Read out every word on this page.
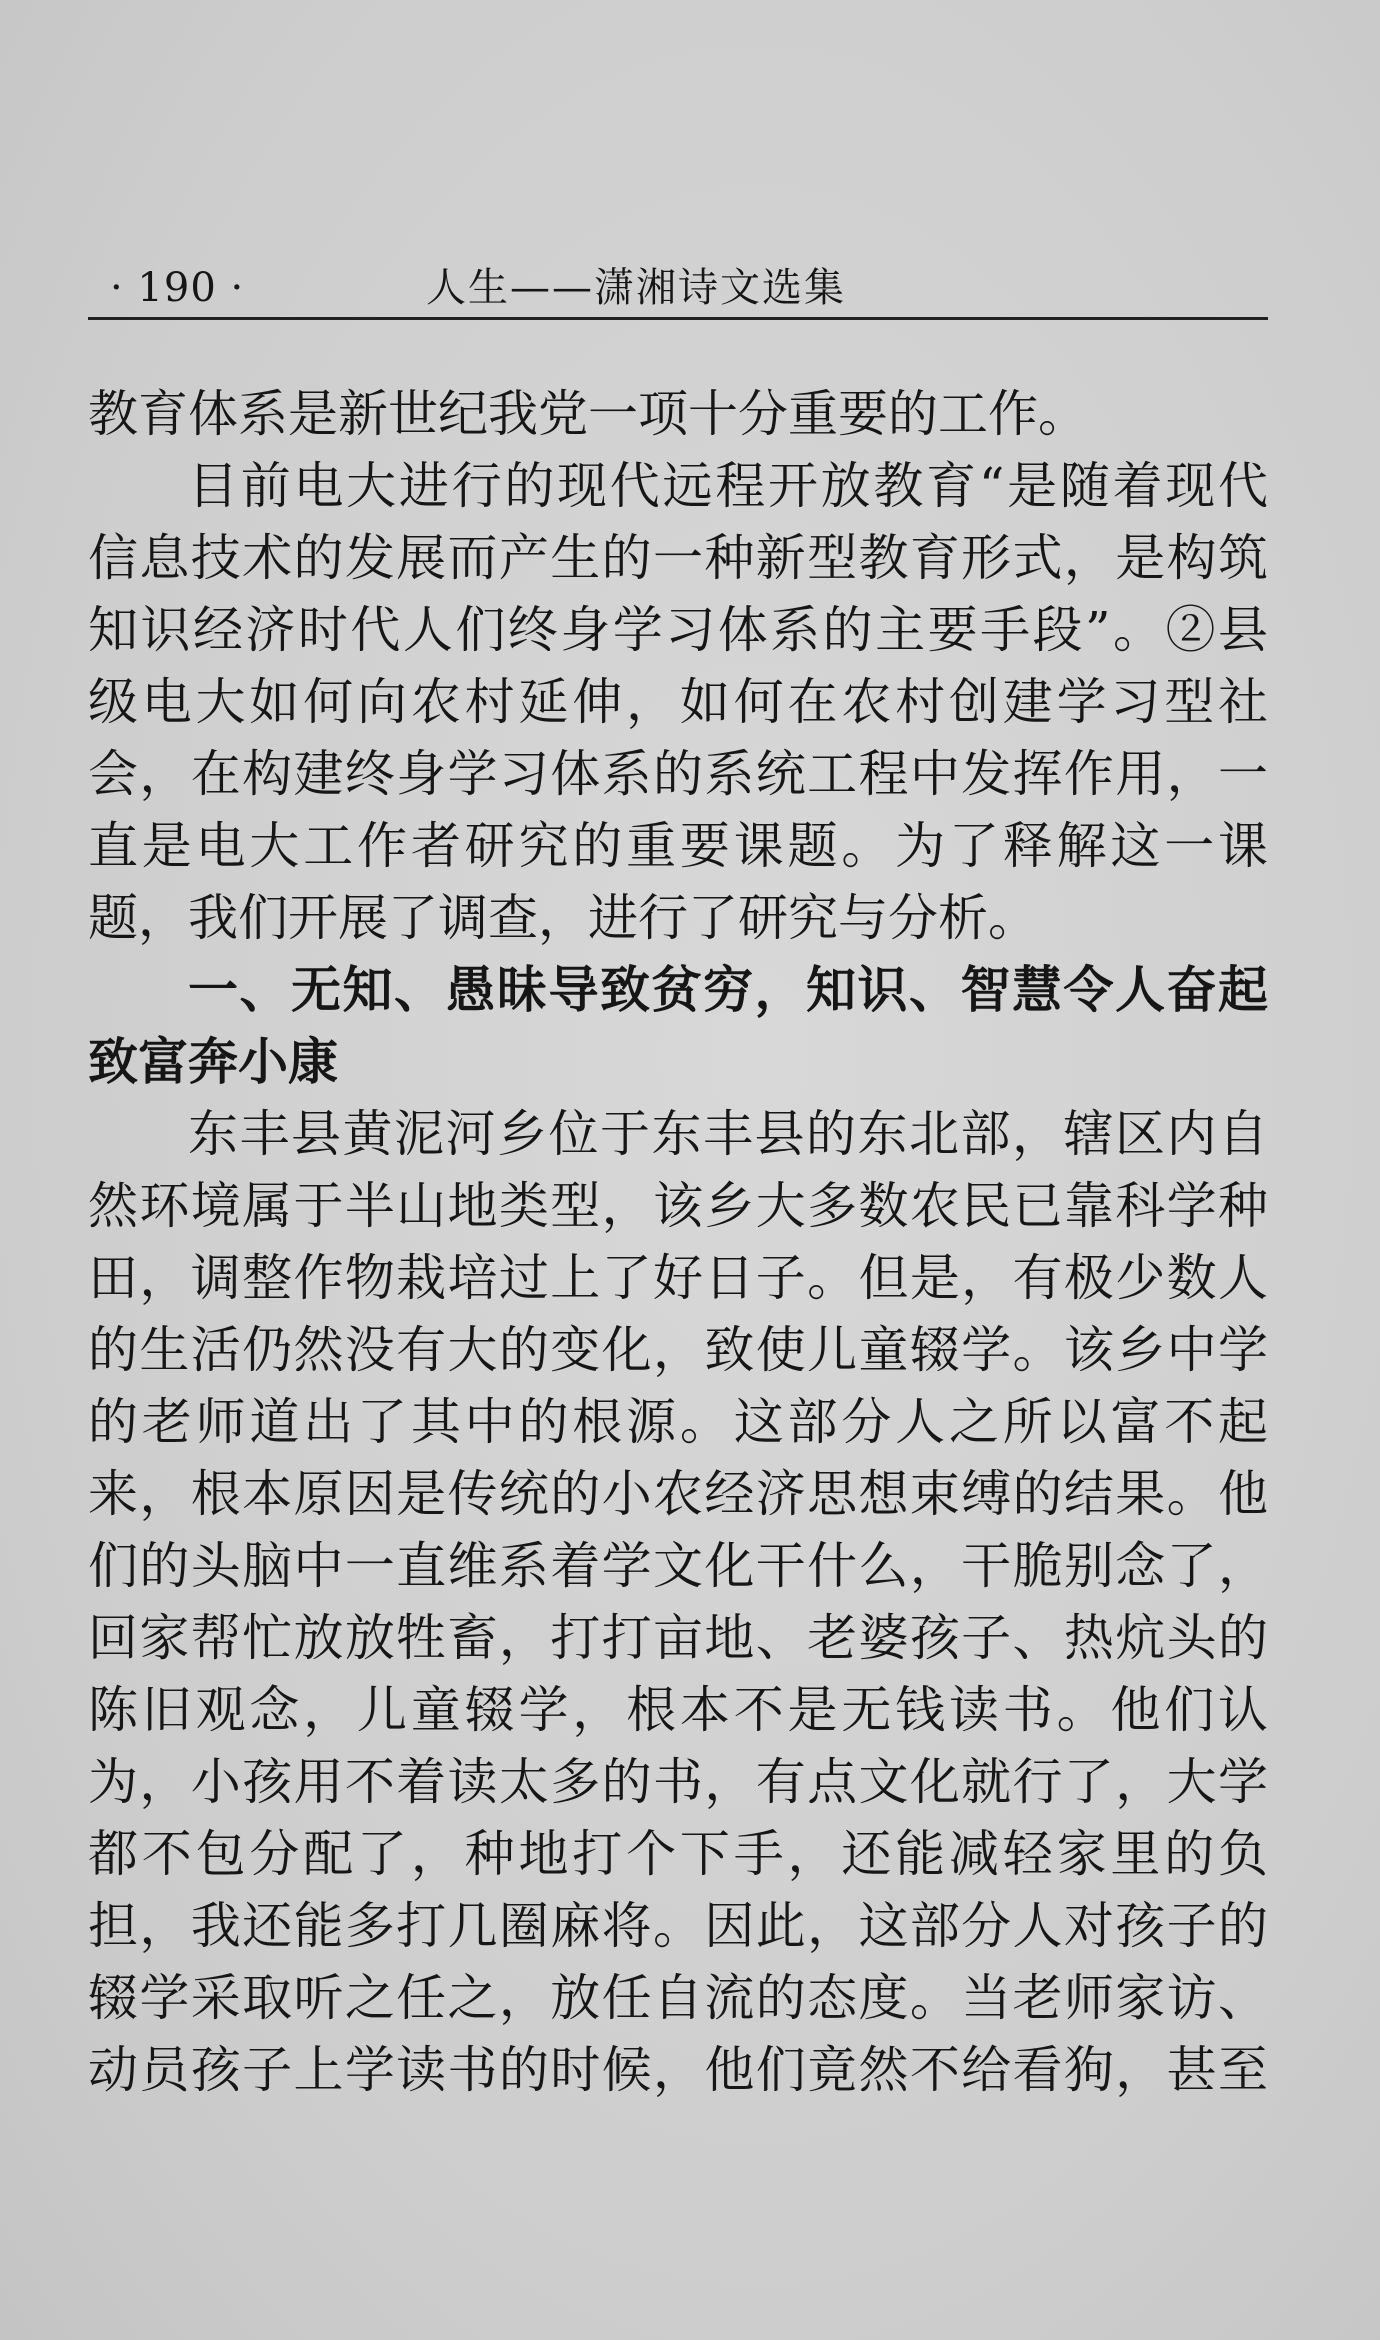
· 190 ·	人生——潇湘诗文选集
教育体系是新世纪我党一项十分重要的工作。
目前电大进行的现代远程开放教育“是随着现代
信息技术的发展而产生的一种新型教育形式，是构筑
知识经济时代人们终身学习体系的主要手段”。②县
级电大如何向农村延伸，如何在农村创建学习型社
会，在构建终身学习体系的系统工程中发挥作用，一
直是电大工作者研究的重要课题。为了释解这一课
题，我们开展了调查，进行了研究与分析。
一、无知、愚昧导致贫穷，知识、智慧令人奋起
致富奔小康
东丰县黄泥河乡位于东丰县的东北部，辖区内自
然环境属于半山地类型，该乡大多数农民已靠科学种
田，调整作物栽培过上了好日子。但是，有极少数人
的生活仍然没有大的变化，致使儿童辍学。该乡中学
的老师道出了其中的根源。这部分人之所以富不起
来，根本原因是传统的小农经济思想束缚的结果。他
们的头脑中一直维系着学文化干什么，干脆别念了，
回家帮忙放放牲畜，打打亩地、老婆孩子、热炕头的
陈旧观念，儿童辍学，根本不是无钱读书。他们认
为，小孩用不着读太多的书，有点文化就行了，大学
都不包分配了，种地打个下手，还能减轻家里的负
担，我还能多打几圈麻将。因此，这部分人对孩子的
辍学采取听之任之，放任自流的态度。当老师家访、
动员孩子上学读书的时候，他们竟然不给看狗，甚至
